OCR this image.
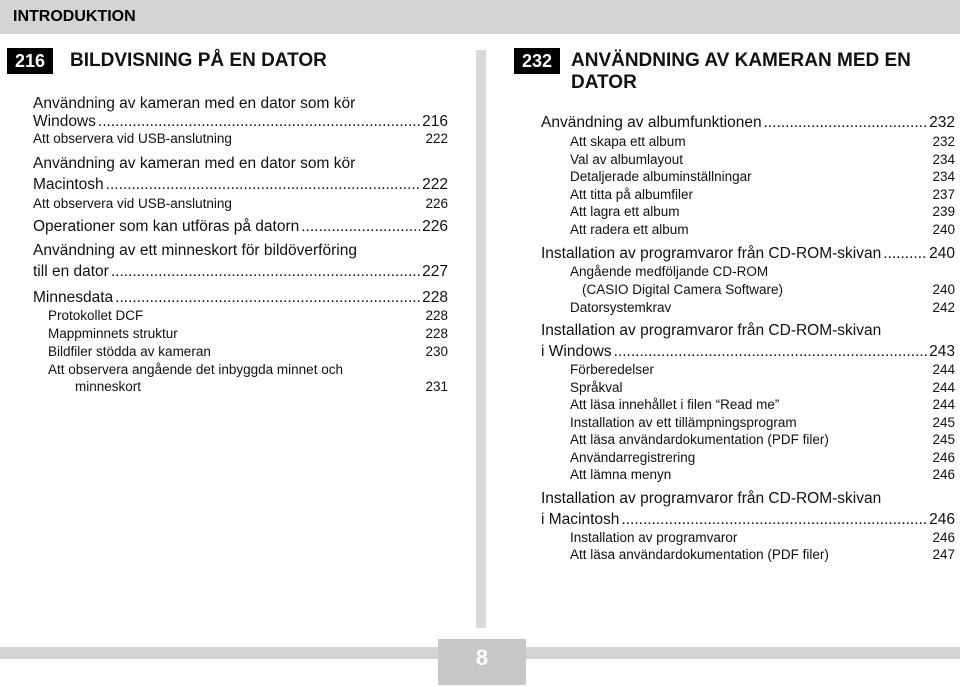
INTRODUKTION
216	BILDVISNING PÅ EN DATOR
Användning av kameran med en dator som kör
Windows .....	216
Att observera vid USB-anslutning	222
Användning av kameran med en dator som kör
Macintosh .....	222
Att observera vid USB-anslutning	226
Operationer som kan utföras på datorn .....	226
Användning av ett minneskort för bildöverföring
till en dator .....	227
Minnesdata .....	228
Protokollet DCF	228
Mappminnets struktur	228
Bildfiler stödda av kameran	230
Att observera angående det inbyggda minnet och
minneskort	231
232 ANVÄNDNING AV KAMERAN MED EN
DATOR
Användning av albumfunktionen .....	232
Att skapa ett album	232
Val av albumlayout	234
Detaljerade albuminställningar	234
Att titta på albumfiler	237
Att lagra ett album	239
Att radera ett album	240
Installation av programvaror från CD-ROM-skivan .....	240
Angående medföljande CD-ROM
(CASIO Digital Camera Software)	240
Datorsystemkrav	242
Installation av programvaror från CD-ROM-skivan
i Windows .....	243
Förberedelser	244
Språkval	244
Att läsa innehållet i filen “Read me”	244
Installation av ett tillämpningsprogram	245
Att läsa användardokumentation (PDF filer)	245
Användarregistrering	246
Att lämna menyn	246
Installation av programvaror från CD-ROM-skivan
i Macintosh .....	246
Installation av programvaror	246
Att läsa användardokumentation (PDF filer)	247
8
